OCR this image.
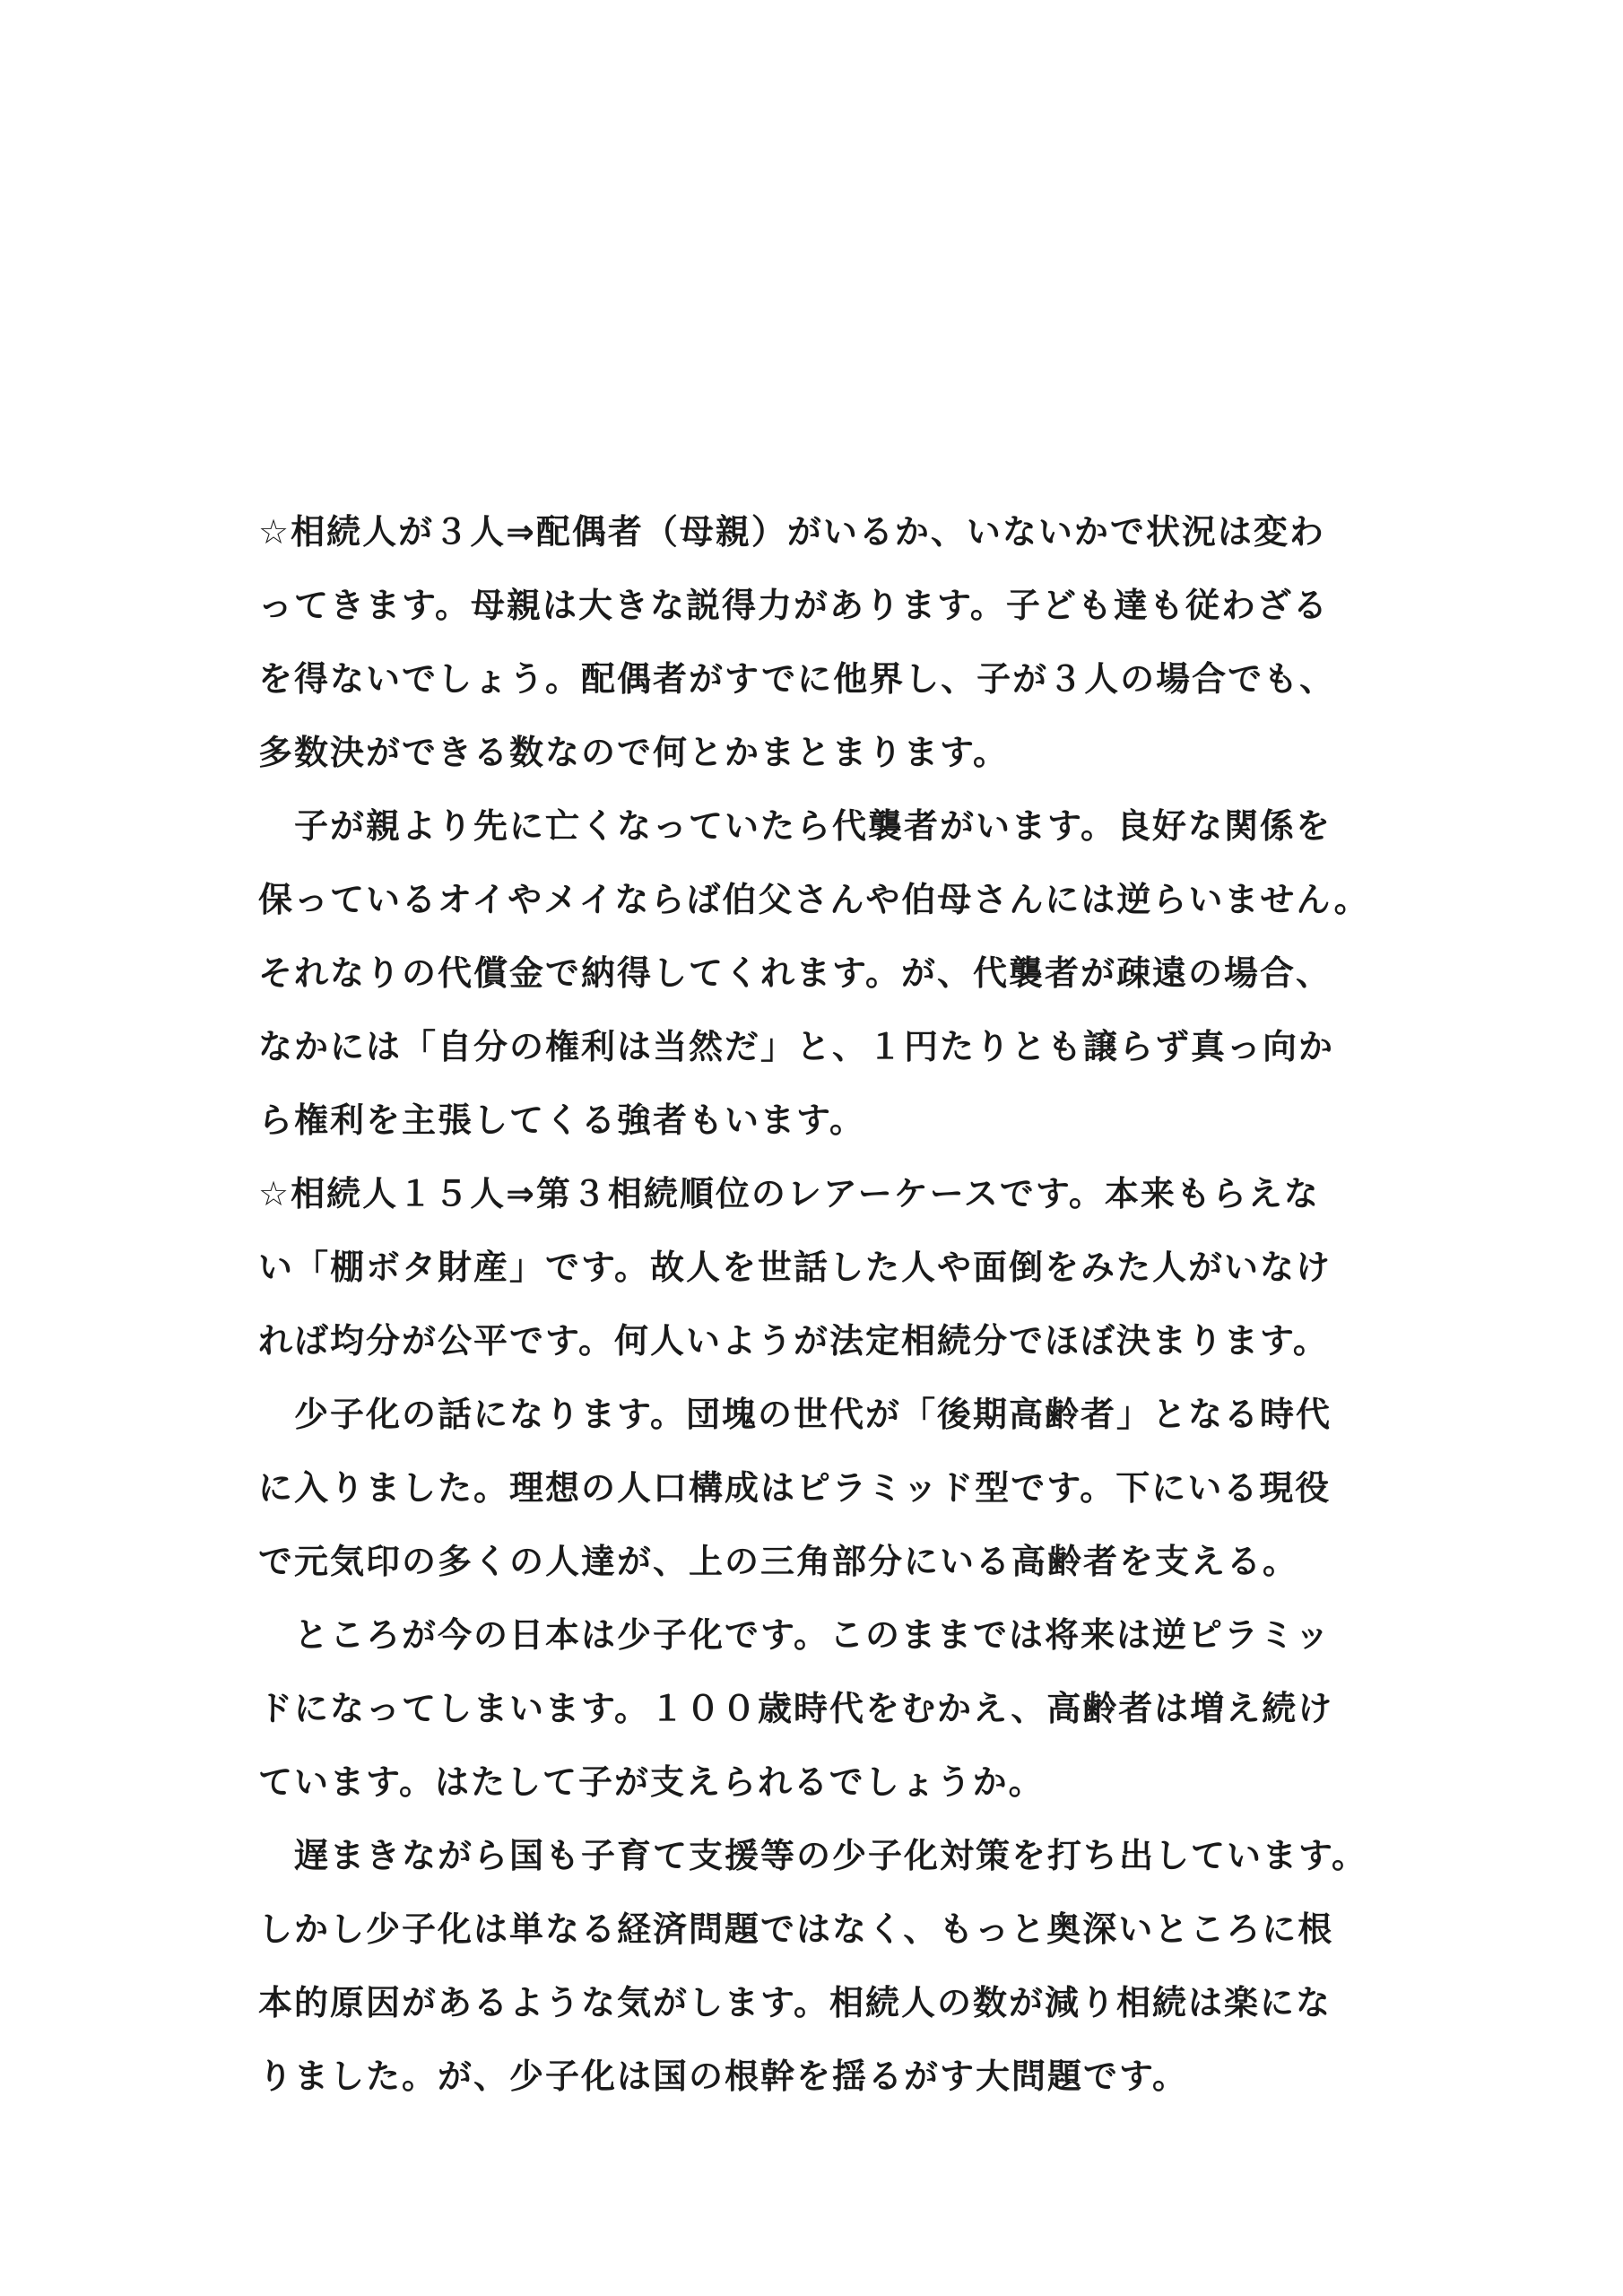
☆相続人が３人⇒配偶者（母親）がいるか、いないかで状況は変わ
ってきます。母親は大きな説得力があります。子ども達も従わざる
を得ないでしょう。配偶者がすでに他界し、子が３人の場合でも、
多数決ができる数なので何とかまとまります。
　子が親より先に亡くなっていたら代襲者がいます。良好な関係を
保っているオイやメイならば伯父さんや伯母さんには逆らいません。
それなりの代償金で納得してくれます。が、代襲者が疎遠の場合、
なかには「自分の権利は当然だ」と、１円たりとも譲らず真っ向か
ら権利を主張してくる強者もいます。
☆相続人１５人⇒第３相続順位のレアーケースです。本来もらえな
い「棚ボタ財産」です。故人を世話した人や面倒をみた人がいなけ
れば均分が公平です。何人いようが法定相続分でほぼ決まります。
　少子化の話になります。団塊の世代が「後期高齢者」となる時代
に入りました。理想の人口構成はピラミッド型です。下にいる現役
で元気印の多くの人達が、上の三角部分にいる高齢者を支える。
　ところが今の日本は少子化です。このままでは将来は逆ピラミッ
ドになってしまいます。１００歳時代をむかえ、高齢者は増え続け
ています。はたして子が支えられるでしょうか。
　遅まきながら国も子育て支援等の少子化対策を打ち出しています。
しかし少子化は単なる経済問題ではなく、もっと奥深いところに根
本的原因があるような気がします。相続人の数が減り相続は楽にな
りました。が、少子化は国の根幹を揺るがす大問題です。
